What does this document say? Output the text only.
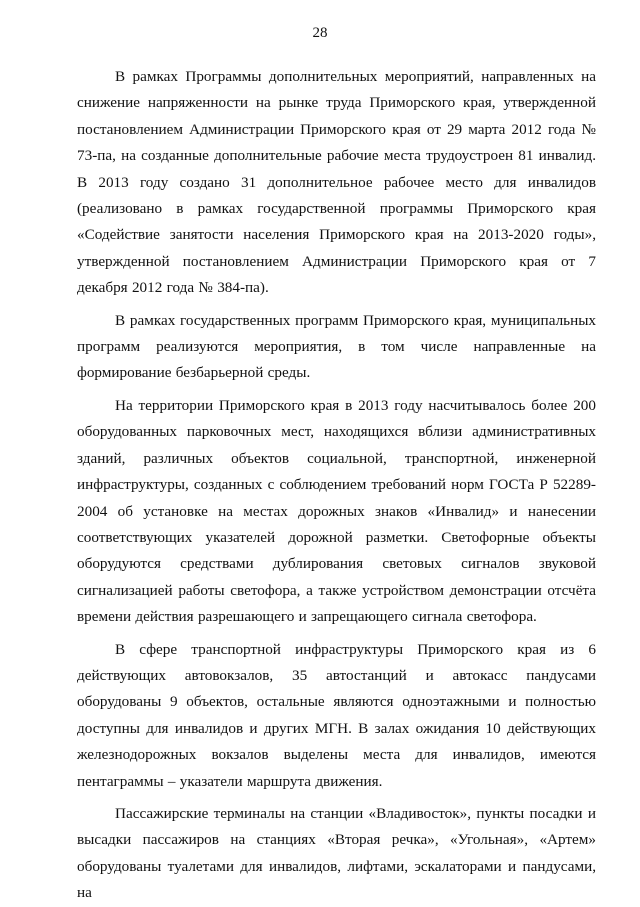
28

В рамках Программы дополнительных мероприятий, направленных на снижение напряженности на рынке труда Приморского края, утвержденной постановлением Администрации Приморского края от 29 марта 2012 года № 73-па, на созданные дополнительные рабочие места трудоустроен 81 инвалид. В 2013 году создано 31 дополнительное рабочее место для инвалидов (реализовано в рамках государственной программы Приморского края «Содействие занятости населения Приморского края на 2013-2020 годы», утвержденной постановлением Администрации Приморского края от 7 декабря 2012 года № 384-па).

В рамках государственных программ Приморского края, муниципальных программ реализуются мероприятия, в том числе направленные на формирование безбарьерной среды.

На территории Приморского края в 2013 году насчитывалось более 200 оборудованных парковочных мест, находящихся вблизи административных зданий, различных объектов социальной, транспортной, инженерной инфраструктуры, созданных с соблюдением требований норм ГОСТа Р 52289-2004 об установке на местах дорожных знаков «Инвалид» и нанесении соответствующих указателей дорожной разметки. Светофорные объекты оборудуются средствами дублирования световых сигналов звуковой сигнализацией работы светофора, а также устройством демонстрации отсчёта времени действия разрешающего и запрещающего сигнала светофора.

В сфере транспортной инфраструктуры Приморского края из 6 действующих автовокзалов, 35 автостанций и автокасс пандусами оборудованы 9 объектов, остальные являются одноэтажными и полностью доступны для инвалидов и других МГН. В залах ожидания 10 действующих железнодорожных вокзалов выделены места для инвалидов, имеются пентаграммы – указатели маршрута движения.

Пассажирские терминалы на станции «Владивосток», пункты посадки и высадки пассажиров на станциях «Вторая речка», «Угольная», «Артем» оборудованы туалетами для инвалидов, лифтами, эскалаторами и пандусами, на
